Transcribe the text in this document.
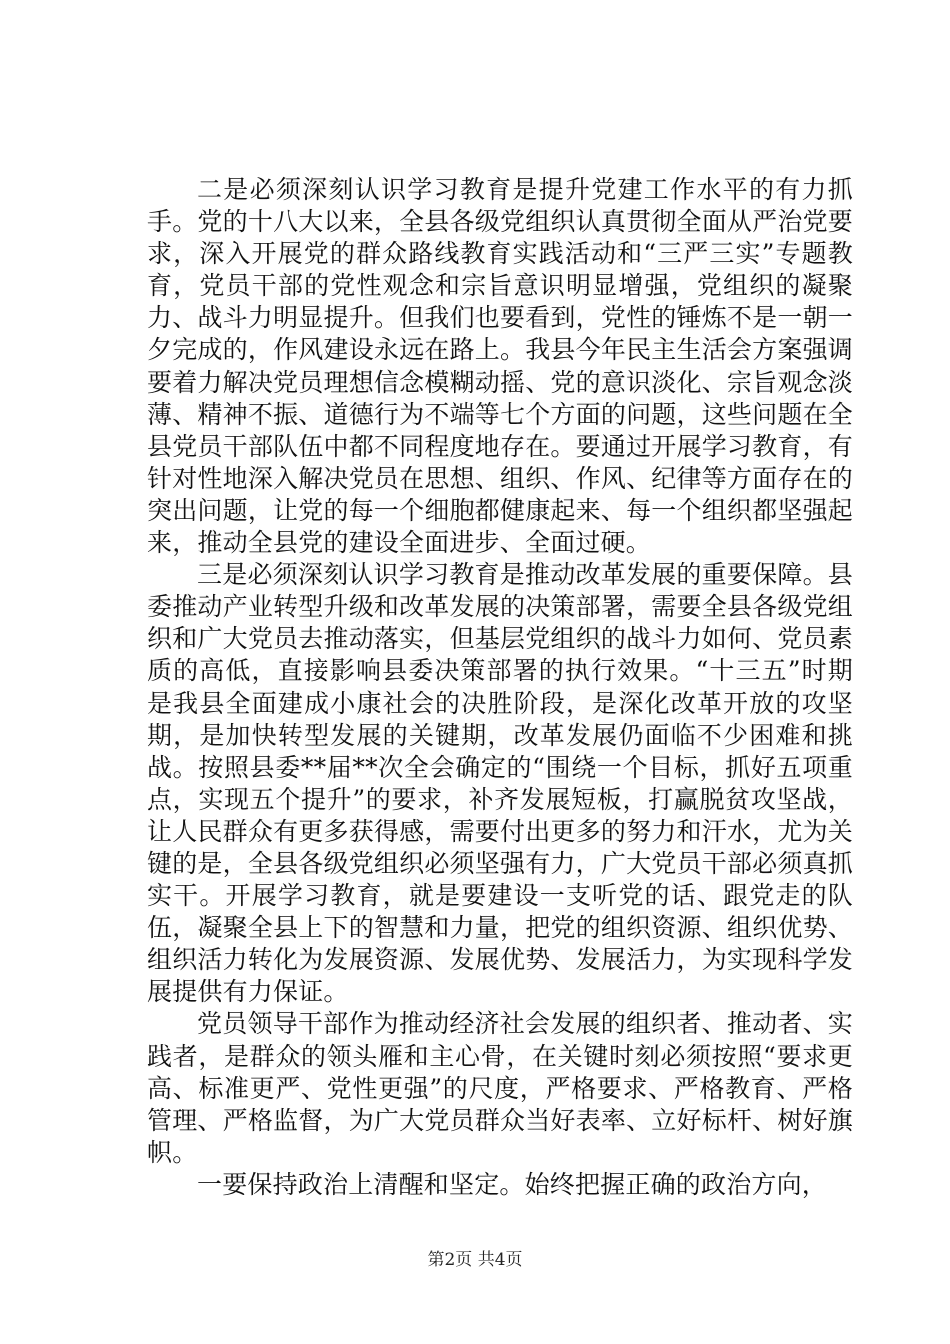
二是必须深刻认识学习教育是提升党建工作水平的有力抓手。党的十八大以来，全县各级党组织认真贯彻全面从严治党要求，深入开展党的群众路线教育实践活动和“三严三实”专题教育，党员干部的党性观念和宗旨意识明显增强，党组织的凝聚力、战斗力明显提升。但我们也要看到，党性的锤炼不是一朝一夕完成的，作风建设永远在路上。我县今年民主生活会方案强调要着力解决党员理想信念模糊动摇、党的意识淡化、宗旨观念淡薄、精神不振、道德行为不端等七个方面的问题，这些问题在全县党员干部队伍中都不同程度地存在。要通过开展学习教育，有针对性地深入解决党员在思想、组织、作风、纪律等方面存在的突出问题，让党的每一个细胞都健康起来、每一个组织都坚强起来，推动全县党的建设全面进步、全面过硬。

三是必须深刻认识学习教育是推动改革发展的重要保障。县委推动产业转型升级和改革发展的决策部署，需要全县各级党组织和广大党员去推动落实，但基层党组织的战斗力如何、党员素质的高低，直接影响县委决策部署的执行效果。“十三五”时期是我县全面建成小康社会的决胜阶段，是深化改革开放的攻坚期，是加快转型发展的关键期，改革发展仍面临不少困难和挑战。按照县委**届**次全会确定的“围绕一个目标，抓好五项重点，实现五个提升”的要求，补齐发展短板，打赢脱贫攻坚战，让人民群众有更多获得感，需要付出更多的努力和汗水，尤为关键的是，全县各级党组织必须坚强有力，广大党员干部必须真抓实干。开展学习教育，就是要建设一支听党的话、跟党走的队伍，凝聚全县上下的智慧和力量，把党的组织资源、组织优势、组织活力转化为发展资源、发展优势、发展活力，为实现科学发展提供有力保证。

党员领导干部作为推动经济社会发展的组织者、推动者、实践者，是群众的领头雁和主心骨，在关键时刻必须按照“要求更高、标准更严、党性更强”的尺度，严格要求、严格教育、严格管理、严格监督，为广大党员群众当好表率、立好标杆、树好旗帜。

一要保持政治上清醒和坚定。始终把握正确的政治方向，

第2页 共4页
